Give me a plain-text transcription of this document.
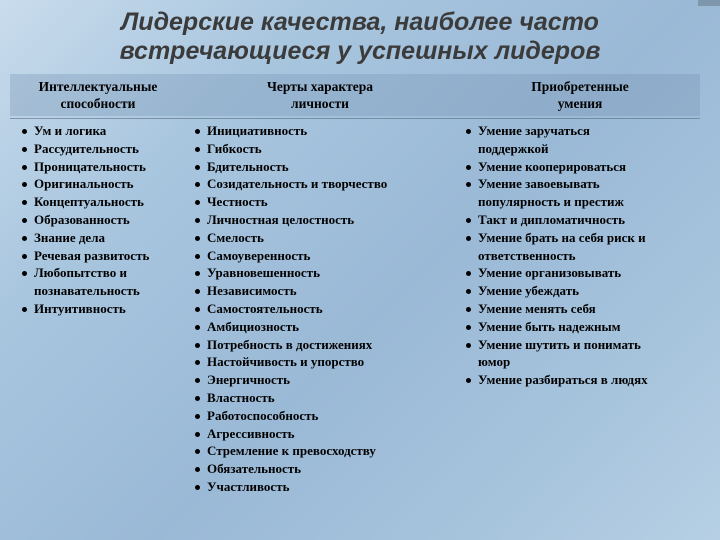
Лидерские качества, наиболее часто
встречающиеся у успешных лидеров
Интеллектуальные
способности
Черты характера
личности
Приобретенные
умения
Ум и логика
Рассудительность
Проницательность
Оригинальность
Концептуальность
Образованность
Знание дела
Речевая развитость
Любопытство и
познавательность
Интуитивность
Инициативность
Гибкость
Бдительность
Созидательность и творчество
Честность
Личностная целостность
Смелость
Самоуверенность
Уравновешенность
Независимость
Самостоятельность
Амбициозность
Потребность в достижениях
Настойчивость и упорство
Энергичность
Властность
Работоспособность
Агрессивность
Стремление к превосходству
Обязательность
Участливость
Умение заручаться
поддержкой
Умение кооперироваться
Умение завоевывать
популярность и престиж
Такт и дипломатичность
Умение брать на себя риск и
ответственность
Умение организовывать
Умение убеждать
Умение менять себя
Умение быть надежным
Умение шутить и понимать
юмор
Умение разбираться в людях
